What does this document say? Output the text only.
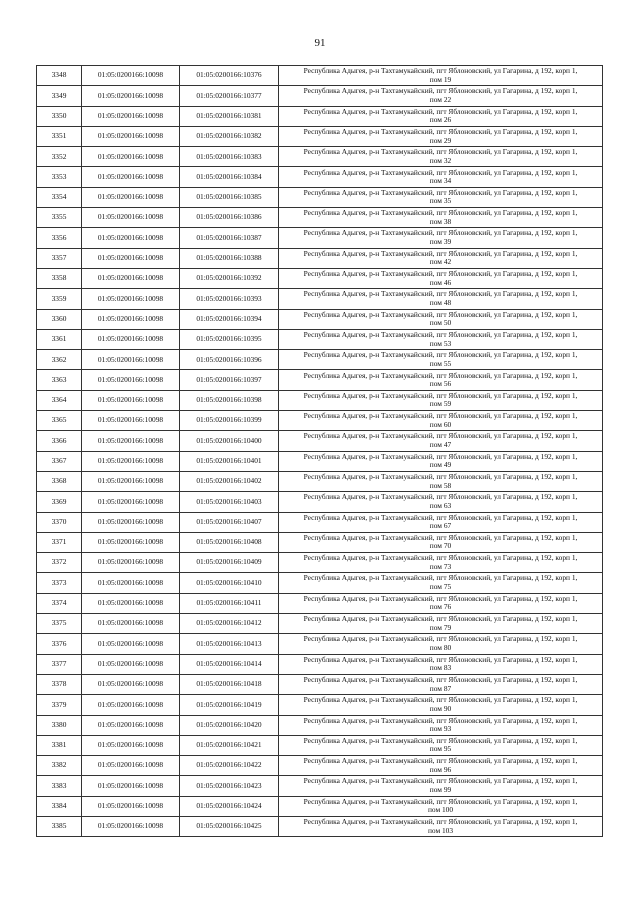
91
3348	01:05:0200166:10098	01:05:0200166:10376	Республика Адыгея, р-н Тахтамукайский, пгт Яблоновский, ул Гагарина, д 192, корп 1,
пом 19

3349	01:05:0200166:10098	01:05:0200166:10377	Республика Адыгея, р-н Тахтамукайский, пгт Яблоновский, ул Гагарина, д 192, корп 1,
пом 22

3350	01:05:0200166:10098	01:05:0200166:10381	Республика Адыгея, р-н Тахтамукайский, пгт Яблоновский, ул Гагарина, д 192, корп 1,
пом 26

3351	01:05:0200166:10098	01:05:0200166:10382	Республика Адыгея, р-н Тахтамукайский, пгт Яблоновский, ул Гагарина, д 192, корп 1,
пом 29

3352	01:05:0200166:10098	01:05:0200166:10383	Республика Адыгея, р-н Тахтамукайский, пгт Яблоновский, ул Гагарина, д 192, корп 1,
пом 32

3353	01:05:0200166:10098	01:05:0200166:10384	Республика Адыгея, р-н Тахтамукайский, пгт Яблоновский, ул Гагарина, д 192, корп 1,
пом 34

3354	01:05:0200166:10098	01:05:0200166:10385	Республика Адыгея, р-н Тахтамукайский, пгт Яблоновский, ул Гагарина, д 192, корп 1,
пом 35

3355	01:05:0200166:10098	01:05:0200166:10386	Республика Адыгея, р-н Тахтамукайский, пгт Яблоновский, ул Гагарина, д 192, корп 1,
пом 38

3356	01:05:0200166:10098	01:05:0200166:10387	Республика Адыгея, р-н Тахтамукайский, пгт Яблоновский, ул Гагарина, д 192, корп 1,
пом 39

3357	01:05:0200166:10098	01:05:0200166:10388	Республика Адыгея, р-н Тахтамукайский, пгт Яблоновский, ул Гагарина, д 192, корп 1,
пом 42

3358	01:05:0200166:10098	01:05:0200166:10392	Республика Адыгея, р-н Тахтамукайский, пгт Яблоновский, ул Гагарина, д 192, корп 1,
пом 46

3359	01:05:0200166:10098	01:05:0200166:10393	Республика Адыгея, р-н Тахтамукайский, пгт Яблоновский, ул Гагарина, д 192, корп 1,
пом 48

3360	01:05:0200166:10098	01:05:0200166:10394	Республика Адыгея, р-н Тахтамукайский, пгт Яблоновский, ул Гагарина, д 192, корп 1,
пом 50

3361	01:05:0200166:10098	01:05:0200166:10395	Республика Адыгея, р-н Тахтамукайский, пгт Яблоновский, ул Гагарина, д 192, корп 1,
пом 53

3362	01:05:0200166:10098	01:05:0200166:10396	Республика Адыгея, р-н Тахтамукайский, пгт Яблоновский, ул Гагарина, д 192, корп 1,
пом 55

3363	01:05:0200166:10098	01:05:0200166:10397	Республика Адыгея, р-н Тахтамукайский, пгт Яблоновский, ул Гагарина, д 192, корп 1,
пом 56

3364	01:05:0200166:10098	01:05:0200166:10398	Республика Адыгея, р-н Тахтамукайский, пгт Яблоновский, ул Гагарина, д 192, корп 1,
пом 59

3365	01:05:0200166:10098	01:05:0200166:10399	Республика Адыгея, р-н Тахтамукайский, пгт Яблоновский, ул Гагарина, д 192, корп 1,
пом 60

3366	01:05:0200166:10098	01:05:0200166:10400	Республика Адыгея, р-н Тахтамукайский, пгт Яблоновский, ул Гагарина, д 192, корп 1,
пом 47

3367	01:05:0200166:10098	01:05:0200166:10401	Республика Адыгея, р-н Тахтамукайский, пгт Яблоновский, ул Гагарина, д 192, корп 1,
пом 49

3368	01:05:0200166:10098	01:05:0200166:10402	Республика Адыгея, р-н Тахтамукайский, пгт Яблоновский, ул Гагарина, д 192, корп 1,
пом 58

3369	01:05:0200166:10098	01:05:0200166:10403	Республика Адыгея, р-н Тахтамукайский, пгт Яблоновский, ул Гагарина, д 192, корп 1,
пом 63

3370	01:05:0200166:10098	01:05:0200166:10407	Республика Адыгея, р-н Тахтамукайский, пгт Яблоновский, ул Гагарина, д 192, корп 1,
пом 67

3371	01:05:0200166:10098	01:05:0200166:10408	Республика Адыгея, р-н Тахтамукайский, пгт Яблоновский, ул Гагарина, д 192, корп 1,
пом 70

3372	01:05:0200166:10098	01:05:0200166:10409	Республика Адыгея, р-н Тахтамукайский, пгт Яблоновский, ул Гагарина, д 192, корп 1,
пом 73

3373	01:05:0200166:10098	01:05:0200166:10410	Республика Адыгея, р-н Тахтамукайский, пгт Яблоновский, ул Гагарина, д 192, корп 1,
пом 75

3374	01:05:0200166:10098	01:05:0200166:10411	Республика Адыгея, р-н Тахтамукайский, пгт Яблоновский, ул Гагарина, д 192, корп 1,
пом 76

3375	01:05:0200166:10098	01:05:0200166:10412	Республика Адыгея, р-н Тахтамукайский, пгт Яблоновский, ул Гагарина, д 192, корп 1,
пом 79

3376	01:05:0200166:10098	01:05:0200166:10413	Республика Адыгея, р-н Тахтамукайский, пгт Яблоновский, ул Гагарина, д 192, корп 1,
пом 80

3377	01:05:0200166:10098	01:05:0200166:10414	Республика Адыгея, р-н Тахтамукайский, пгт Яблоновский, ул Гагарина, д 192, корп 1,
пом 83

3378	01:05:0200166:10098	01:05:0200166:10418	Республика Адыгея, р-н Тахтамукайский, пгт Яблоновский, ул Гагарина, д 192, корп 1,
пом 87

3379	01:05:0200166:10098	01:05:0200166:10419	Республика Адыгея, р-н Тахтамукайский, пгт Яблоновский, ул Гагарина, д 192, корп 1,
пом 90

3380	01:05:0200166:10098	01:05:0200166:10420	Республика Адыгея, р-н Тахтамукайский, пгт Яблоновский, ул Гагарина, д 192, корп 1,
пом 93

3381	01:05:0200166:10098	01:05:0200166:10421	Республика Адыгея, р-н Тахтамукайский, пгт Яблоновский, ул Гагарина, д 192, корп 1,
пом 95

3382	01:05:0200166:10098	01:05:0200166:10422	Республика Адыгея, р-н Тахтамукайский, пгт Яблоновский, ул Гагарина, д 192, корп 1,
пом 96

3383	01:05:0200166:10098	01:05:0200166:10423	Республика Адыгея, р-н Тахтамукайский, пгт Яблоновский, ул Гагарина, д 192, корп 1,
пом 99

3384	01:05:0200166:10098	01:05:0200166:10424	Республика Адыгея, р-н Тахтамукайский, пгт Яблоновский, ул Гагарина, д 192, корп 1,
пом 100

3385	01:05:0200166:10098	01:05:0200166:10425	Республика Адыгея, р-н Тахтамукайский, пгт Яблоновский, ул Гагарина, д 192, корп 1,
пом 103
